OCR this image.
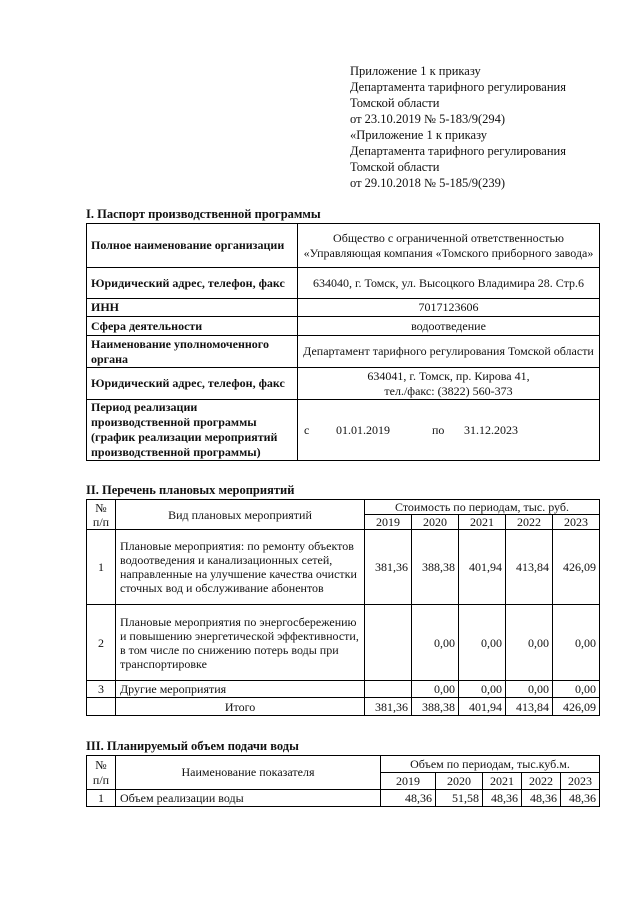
Приложение 1 к приказу
Департамента тарифного регулирования
Томской области
от 23.10.2019 № 5-183/9(294)
«Приложение 1 к приказу
Департамента тарифного регулирования
Томской области
от 29.10.2018 № 5-185/9(239)
I. Паспорт производственной программы
Полное наименование организации	Общество с ограниченной ответственностью «Управляющая компания «Томского приборного завода»
Юридический адрес, телефон, факс	634040, г. Томск, ул. Высоцкого Владимира 28. Стр.6
ИНН	7017123606
Сфера деятельности	водоотведение
Наименование уполномоченного органа	Департамент тарифного регулирования Томской области
Юридический адрес, телефон, факс	634041, г. Томск, пр. Кирова 41,
тел./факс: (3822) 560-373

Период реализации производственной программы (график реализации мероприятий производственной программы)	с 01.01.2019 по 31.12.2023
II. Перечень плановых мероприятий
№ п/п	Вид плановых мероприятий	Стоимость по периодам, тыс. руб.				
		2019	2020	2021	2022	2023
1	Плановые мероприятия: по ремонту объектов водоотведения и канализационных сетей, направленные на улучшение качества очистки сточных вод и обслуживание абонентов	381,36	388,38	401,94	413,84	426,09
2	Плановые мероприятия по энергосбережению и повышению энергетической эффективности, в том числе по снижению потерь воды при транспортировке		0,00	0,00	0,00	0,00
3	Другие мероприятия		0,00	0,00	0,00	0,00
	Итого	381,36	388,38	401,94	413,84	426,09
III. Планируемый объем подачи воды
№ п/п	Наименование показателя	Объем по периодам, тыс.куб.м.				
		2019	2020	2021	2022	2023
1	Объем реализации воды	48,36	51,58	48,36	48,36	48,36
